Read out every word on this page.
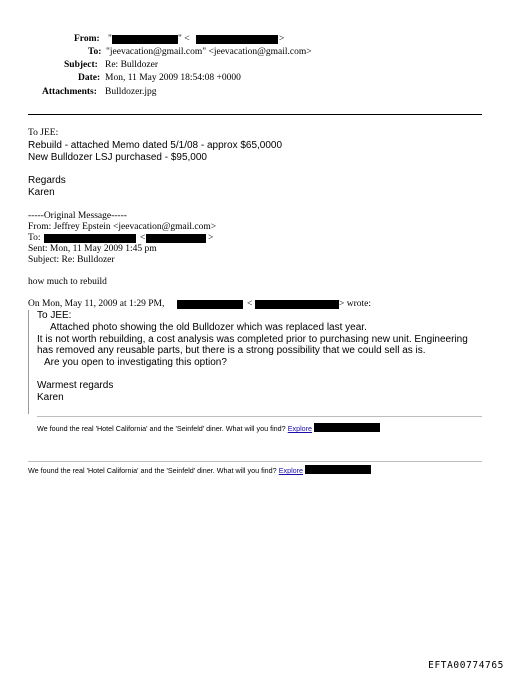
From: "	" <	>
To: "jeevacation@gmail.com" <jeevacation@gmail.com>
Subject: Re: Bulldozer
Date: Mon, 11 May 2009 18:54:08 +0000
Attachments: Bulldozer.jpg
To JEE:
Rebuild - attached Memo dated 5/1/08 - approx $65,0000
New Bulldozer LSJ purchased - $95,000
Regards
Karen
-----Original Message-----
From: Jeffrey Epstein <jeevacation@gmail.com>
To:	<	>
Sent: Mon, 11 May 2009 1:45 pm
Subject: Re: Bulldozer
how much to rebuild
On Mon, May 11, 2009 at 1:29 PM,	<	> wrote:
To JEE:
Attached photo showing the old Bulldozer which was replaced last year.
It is not worth rebuilding, a cost analysis was completed prior to purchasing new unit. Engineering
has removed any reusable parts, but there is a strong possibility that we could sell as is.
Are you open to investigating this option?
Warmest regards
Karen
We found the real 'Hotel California' and the 'Seinfeld' diner. What will you find? Explore
We found the real 'Hotel California' and the 'Seinfeld' diner. What will you find? Explore
EFTA00774765
